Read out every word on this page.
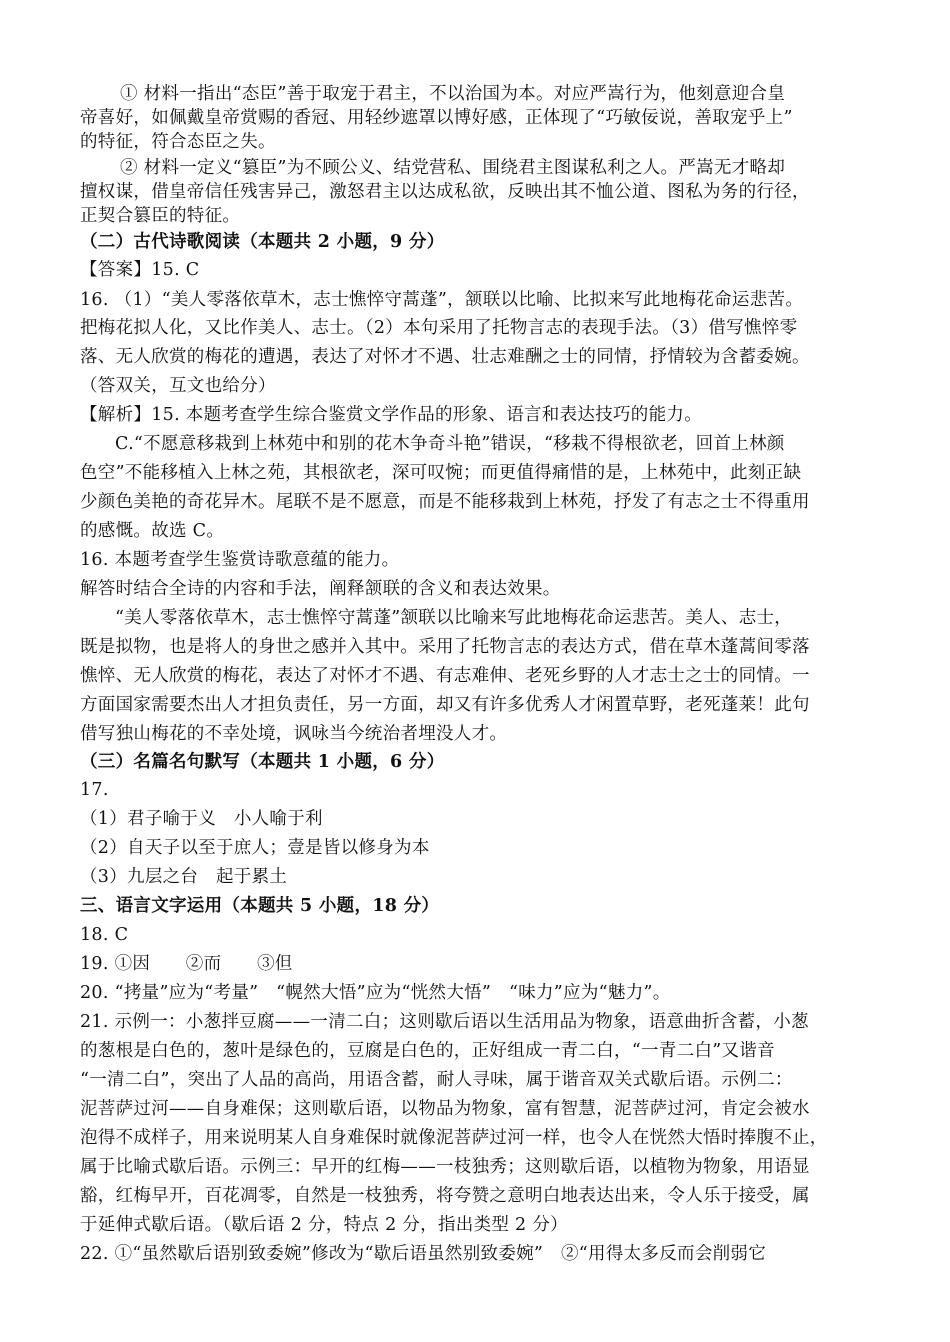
① 材料一指出“态臣”善于取宠于君主，不以治国为本。对应严嵩行为，他刻意迎合皇
帝喜好，如佩戴皇帝赏赐的香冠、用轻纱遮罩以博好感，正体现了“巧敏佞说，善取宠乎上”
的特征，符合态臣之失。
② 材料一定义“篡臣”为不顾公义、结党营私、围绕君主图谋私利之人。严嵩无才略却
擅权谋，借皇帝信任残害异己，激怒君主以达成私欲，反映出其不恤公道、图私为务的行径，
正契合篡臣的特征。
（二）古代诗歌阅读（本题共 2 小题，9 分）
【答案】15. C
16. （1）“美人零落依草木，志士憔悴守蒿蓬”，颔联以比喻、比拟来写此地梅花命运悲苦。
把梅花拟人化，又比作美人、志士。（2）本句采用了托物言志的表现手法。（3）借写憔悴零
落、无人欣赏的梅花的遭遇，表达了对怀才不遇、壮志难酬之士的同情，抒情较为含蓄委婉。
（答双关，互文也给分）
【解析】15. 本题考查学生综合鉴赏文学作品的形象、语言和表达技巧的能力。
C.“不愿意移栽到上林苑中和别的花木争奇斗艳”错误，“移栽不得根欲老，回首上林颜
色空”不能移植入上林之苑，其根欲老，深可叹惋；而更值得痛惜的是，上林苑中，此刻正缺
少颜色美艳的奇花异木。尾联不是不愿意，而是不能移栽到上林苑，抒发了有志之士不得重用
的感慨。故选 C。
16. 本题考查学生鉴赏诗歌意蕴的能力。
解答时结合全诗的内容和手法，阐释颔联的含义和表达效果。
“美人零落依草木，志士憔悴守蒿蓬”颔联以比喻来写此地梅花命运悲苦。美人、志士，
既是拟物，也是将人的身世之感并入其中。采用了托物言志的表达方式，借在草木蓬蒿间零落
憔悴、无人欣赏的梅花，表达了对怀才不遇、有志难伸、老死乡野的人才志士之士的同情。一
方面国家需要杰出人才担负责任，另一方面，却又有许多优秀人才闲置草野，老死蓬莱！此句
借写独山梅花的不幸处境，讽咏当今统治者埋没人才。
（三）名篇名句默写（本题共 1 小题，6 分）
17.
（1）君子喻于义　小人喻于利
（2）自天子以至于庶人；壹是皆以修身为本
（3）九层之台　起于累土
三、语言文字运用（本题共 5 小题，18 分）
18. C
19. ①因　　②而　　③但
20. “拷量”应为“考量”　“幌然大悟”应为“恍然大悟”　“味力”应为“魅力”。
21. 示例一：小葱拌豆腐——一清二白；这则歇后语以生活用品为物象，语意曲折含蓄，小葱
的葱根是白色的，葱叶是绿色的，豆腐是白色的，正好组成一青二白，“一青二白”又谐音
“一清二白”，突出了人品的高尚，用语含蓄，耐人寻味，属于谐音双关式歇后语。示例二：
泥菩萨过河——自身难保；这则歇后语，以物品为物象，富有智慧，泥菩萨过河，肯定会被水
泡得不成样子，用来说明某人自身难保时就像泥菩萨过河一样，也令人在恍然大悟时捧腹不止，
属于比喻式歇后语。示例三：早开的红梅——一枝独秀；这则歇后语，以植物为物象，用语显
豁，红梅早开，百花凋零，自然是一枝独秀，将夸赞之意明白地表达出来，令人乐于接受，属
于延伸式歇后语。（歇后语 2 分，特点 2 分，指出类型 2 分）
22. ①“虽然歇后语别致委婉”修改为“歇后语虽然别致委婉”　②“用得太多反而会削弱它
